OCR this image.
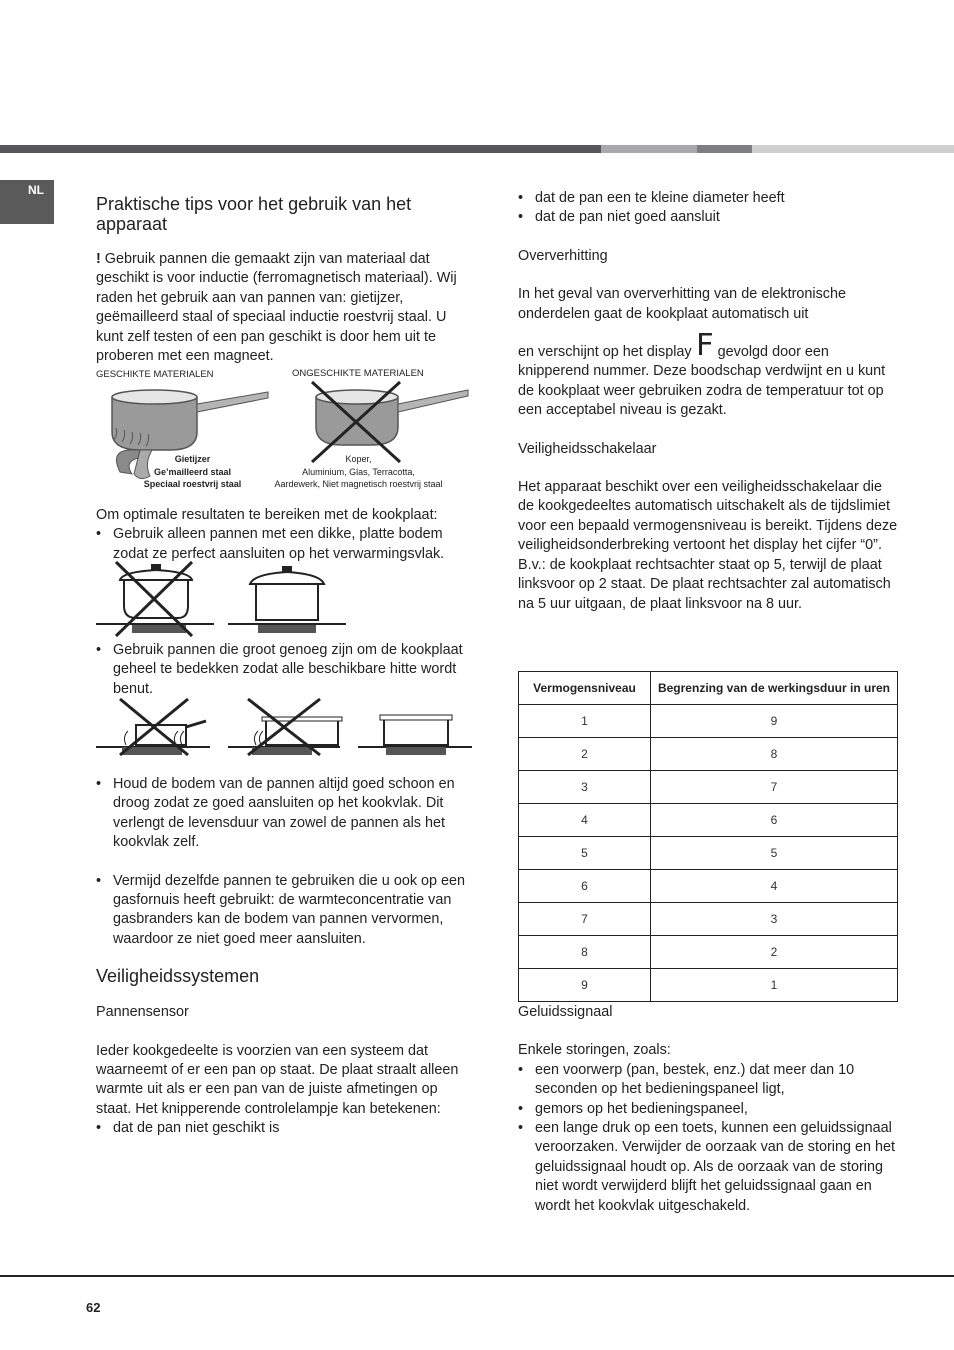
NL
Praktische tips voor het gebruik van het apparaat

! Gebruik pannen die gemaakt zijn van materiaal dat geschikt is voor inductie (ferromagnetisch materiaal). Wij raden het gebruik aan van pannen van: gietijzer, geëmailleerd staal of speciaal inductie roestvrij staal. U kunt zelf testen of een pan geschikt is door hem uit te proberen met een magneet.

GESCHIKTE MATERIALEN	ONGESCHIKTE MATERIALEN
Gietijzer
Ge’mailleerd staal
Speciaal roestvrij staal
Koper,
Aluminium, Glas, Terracotta,
Aardewerk, Niet magnetisch roestvrij staal

Om optimale resultaten te bereiken met de kookplaat:

• Gebruik alleen pannen met een dikke, platte bodem zodat ze perfect aansluiten op het verwarmingsvlak.
• Gebruik pannen die groot genoeg zijn om de kookplaat geheel te bedekken zodat alle beschikbare hitte wordt benut.
• Houd de bodem van de pannen altijd goed schoon en droog zodat ze goed aansluiten op het kookvlak. Dit verlengt de levensduur van zowel de pannen als het kookvlak zelf.
• Vermijd dezelfde pannen te gebruiken die u ook op een gasfornuis heeft gebruikt: de warmteconcentratie van gasbranders kan de bodem van pannen vervormen, waardoor ze niet goed meer aansluiten.
Veiligheidssystemen

Pannensensor

Ieder kookgedeelte is voorzien van een systeem dat waarneemt of er een pan op staat. De plaat straalt alleen warmte uit als er een pan van de juiste afmetingen op staat. Het knipperende controlelampje kan betekenen:

• dat de pan niet geschikt is
• dat de pan een te kleine diameter heeft
• dat de pan niet goed aansluit

Oververhitting

In het geval van oververhitting van de elektronische onderdelen gaat de kookplaat automatisch uit

en verschijnt op het display F gevolgd door een knipperend nummer. Deze boodschap verdwijnt en u kunt de kookplaat weer gebruiken zodra de temperatuur tot op een acceptabel niveau is gezakt.

Veiligheidsschakelaar

Het apparaat beschikt over een veiligheidsschakelaar die de kookgedeeltes automatisch uitschakelt als de tijdslimiet voor een bepaald vermogensniveau is bereikt. Tijdens deze veiligheidsonderbreking vertoont het display het cijfer “0”.

B.v.: de kookplaat rechtsachter staat op 5, terwijl de plaat linksvoor op 2 staat. De plaat rechtsachter zal automatisch na 5 uur uitgaan, de plaat linksvoor na 8 uur.

Vermogensniveau	Begrenzing van de werkingsduur in uren
1	9
2	8
3	7
4	6
5	5
6	4
7	3
8	2
9	1

Geluidssignaal

Enkele storingen, zoals:

• een voorwerp (pan, bestek, enz.) dat meer dan 10 seconden op het bedieningspaneel ligt,
• gemors op het bedieningspaneel,
• een lange druk op een toets, kunnen een geluidssignaal veroorzaken. Verwijder de oorzaak van de storing en het geluidssignaal houdt op. Als de oorzaak van de storing niet wordt verwijderd blijft het geluidssignaal gaan en wordt het kookvlak uitgeschakeld.
62
